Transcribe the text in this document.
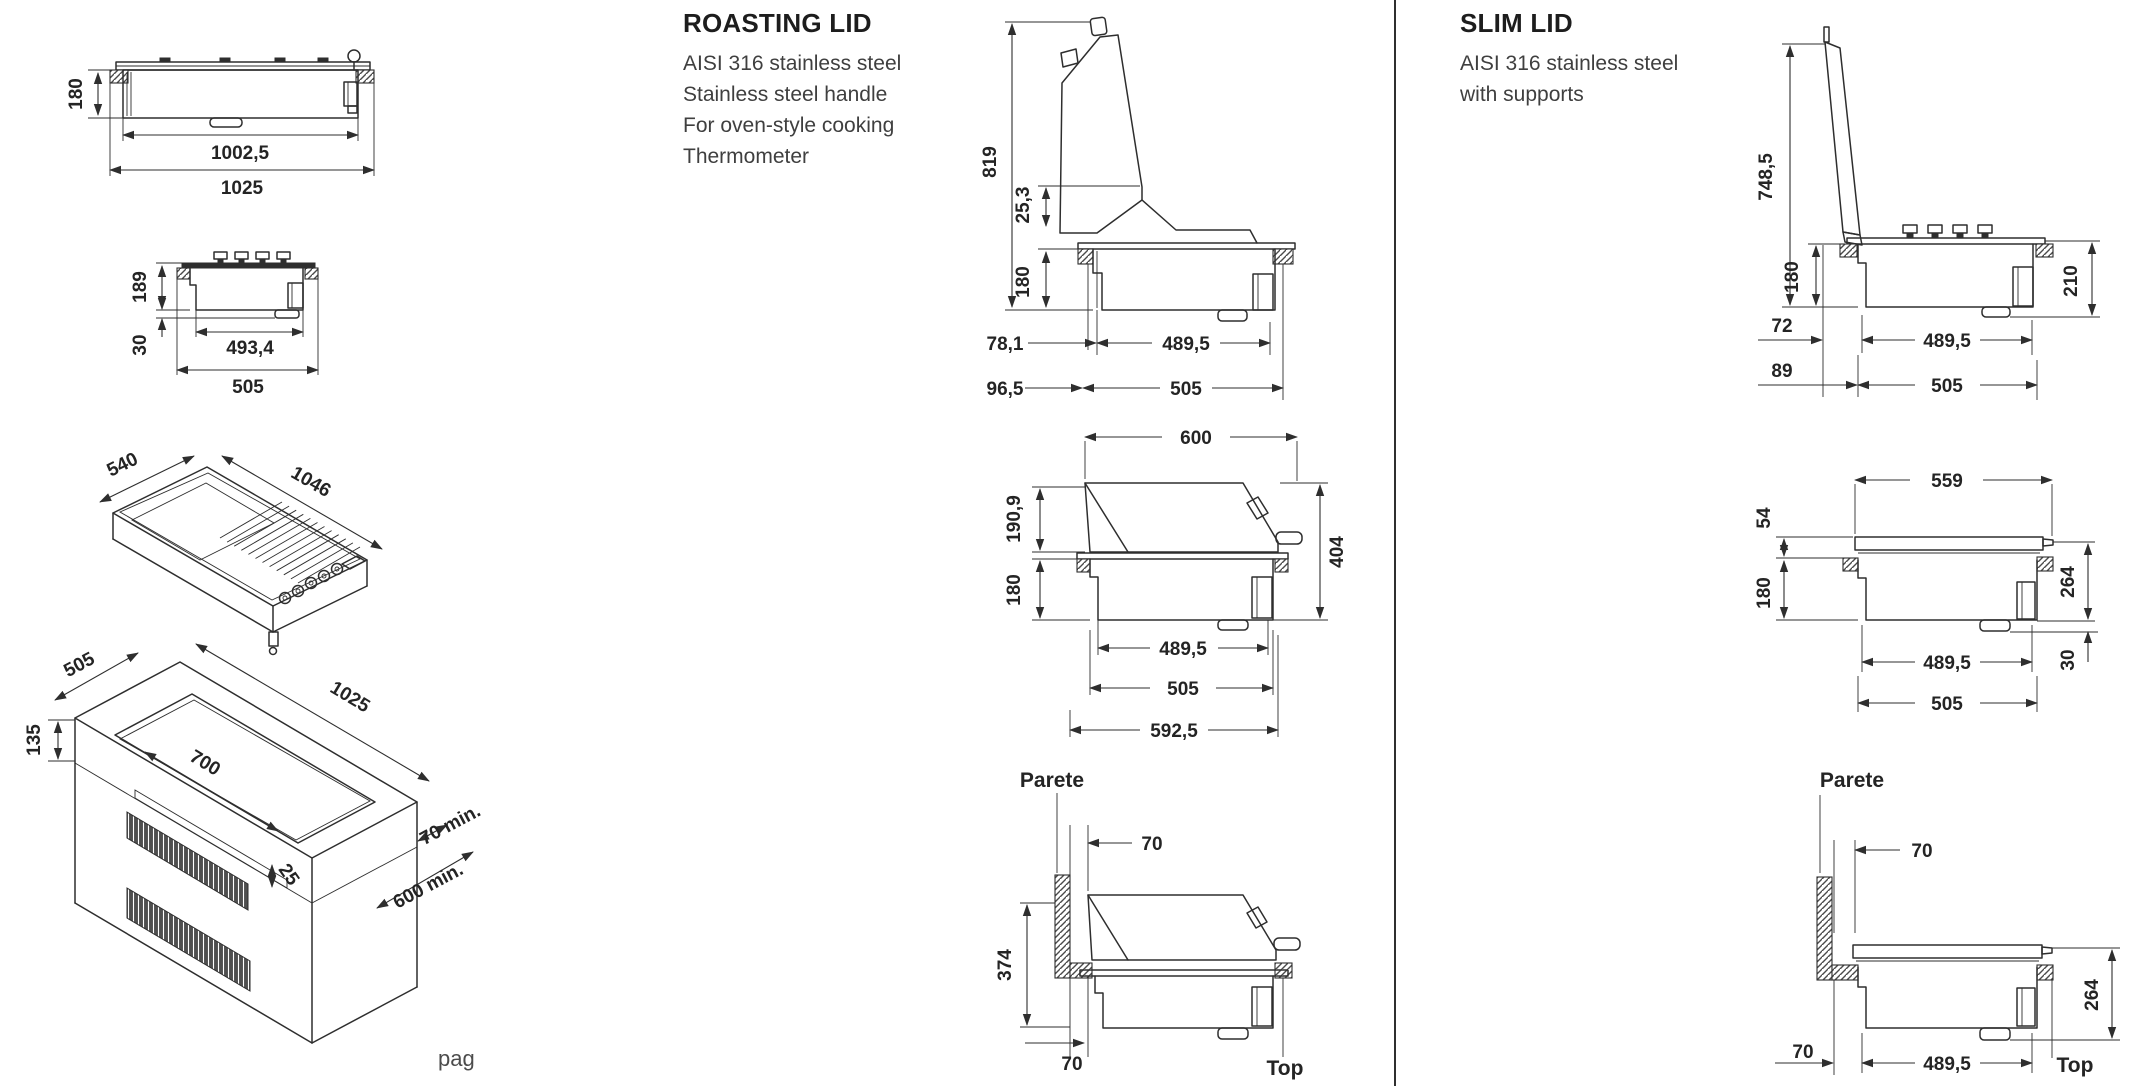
180
1002,5
1025
189
30	493,4
505
540	1046
700
25
505
135
1025
70 min.
600 min.
pag
ROASTING LID
AISI 316 stainless steel
Stainless steel handle
For oven-style cooking
Thermometer	819
25,3
180
78,1	489,5
96,5	505
600
190,9
180
404
489,5
505
592,5
Parete
70
374
70	Top
SLIM LID
AISI 316 stainless steel
with supports
748,5
180	210
72
489,5
89
505
559
54
180	264
30
489,5
505
Parete
70
264
70
489,5	Top
